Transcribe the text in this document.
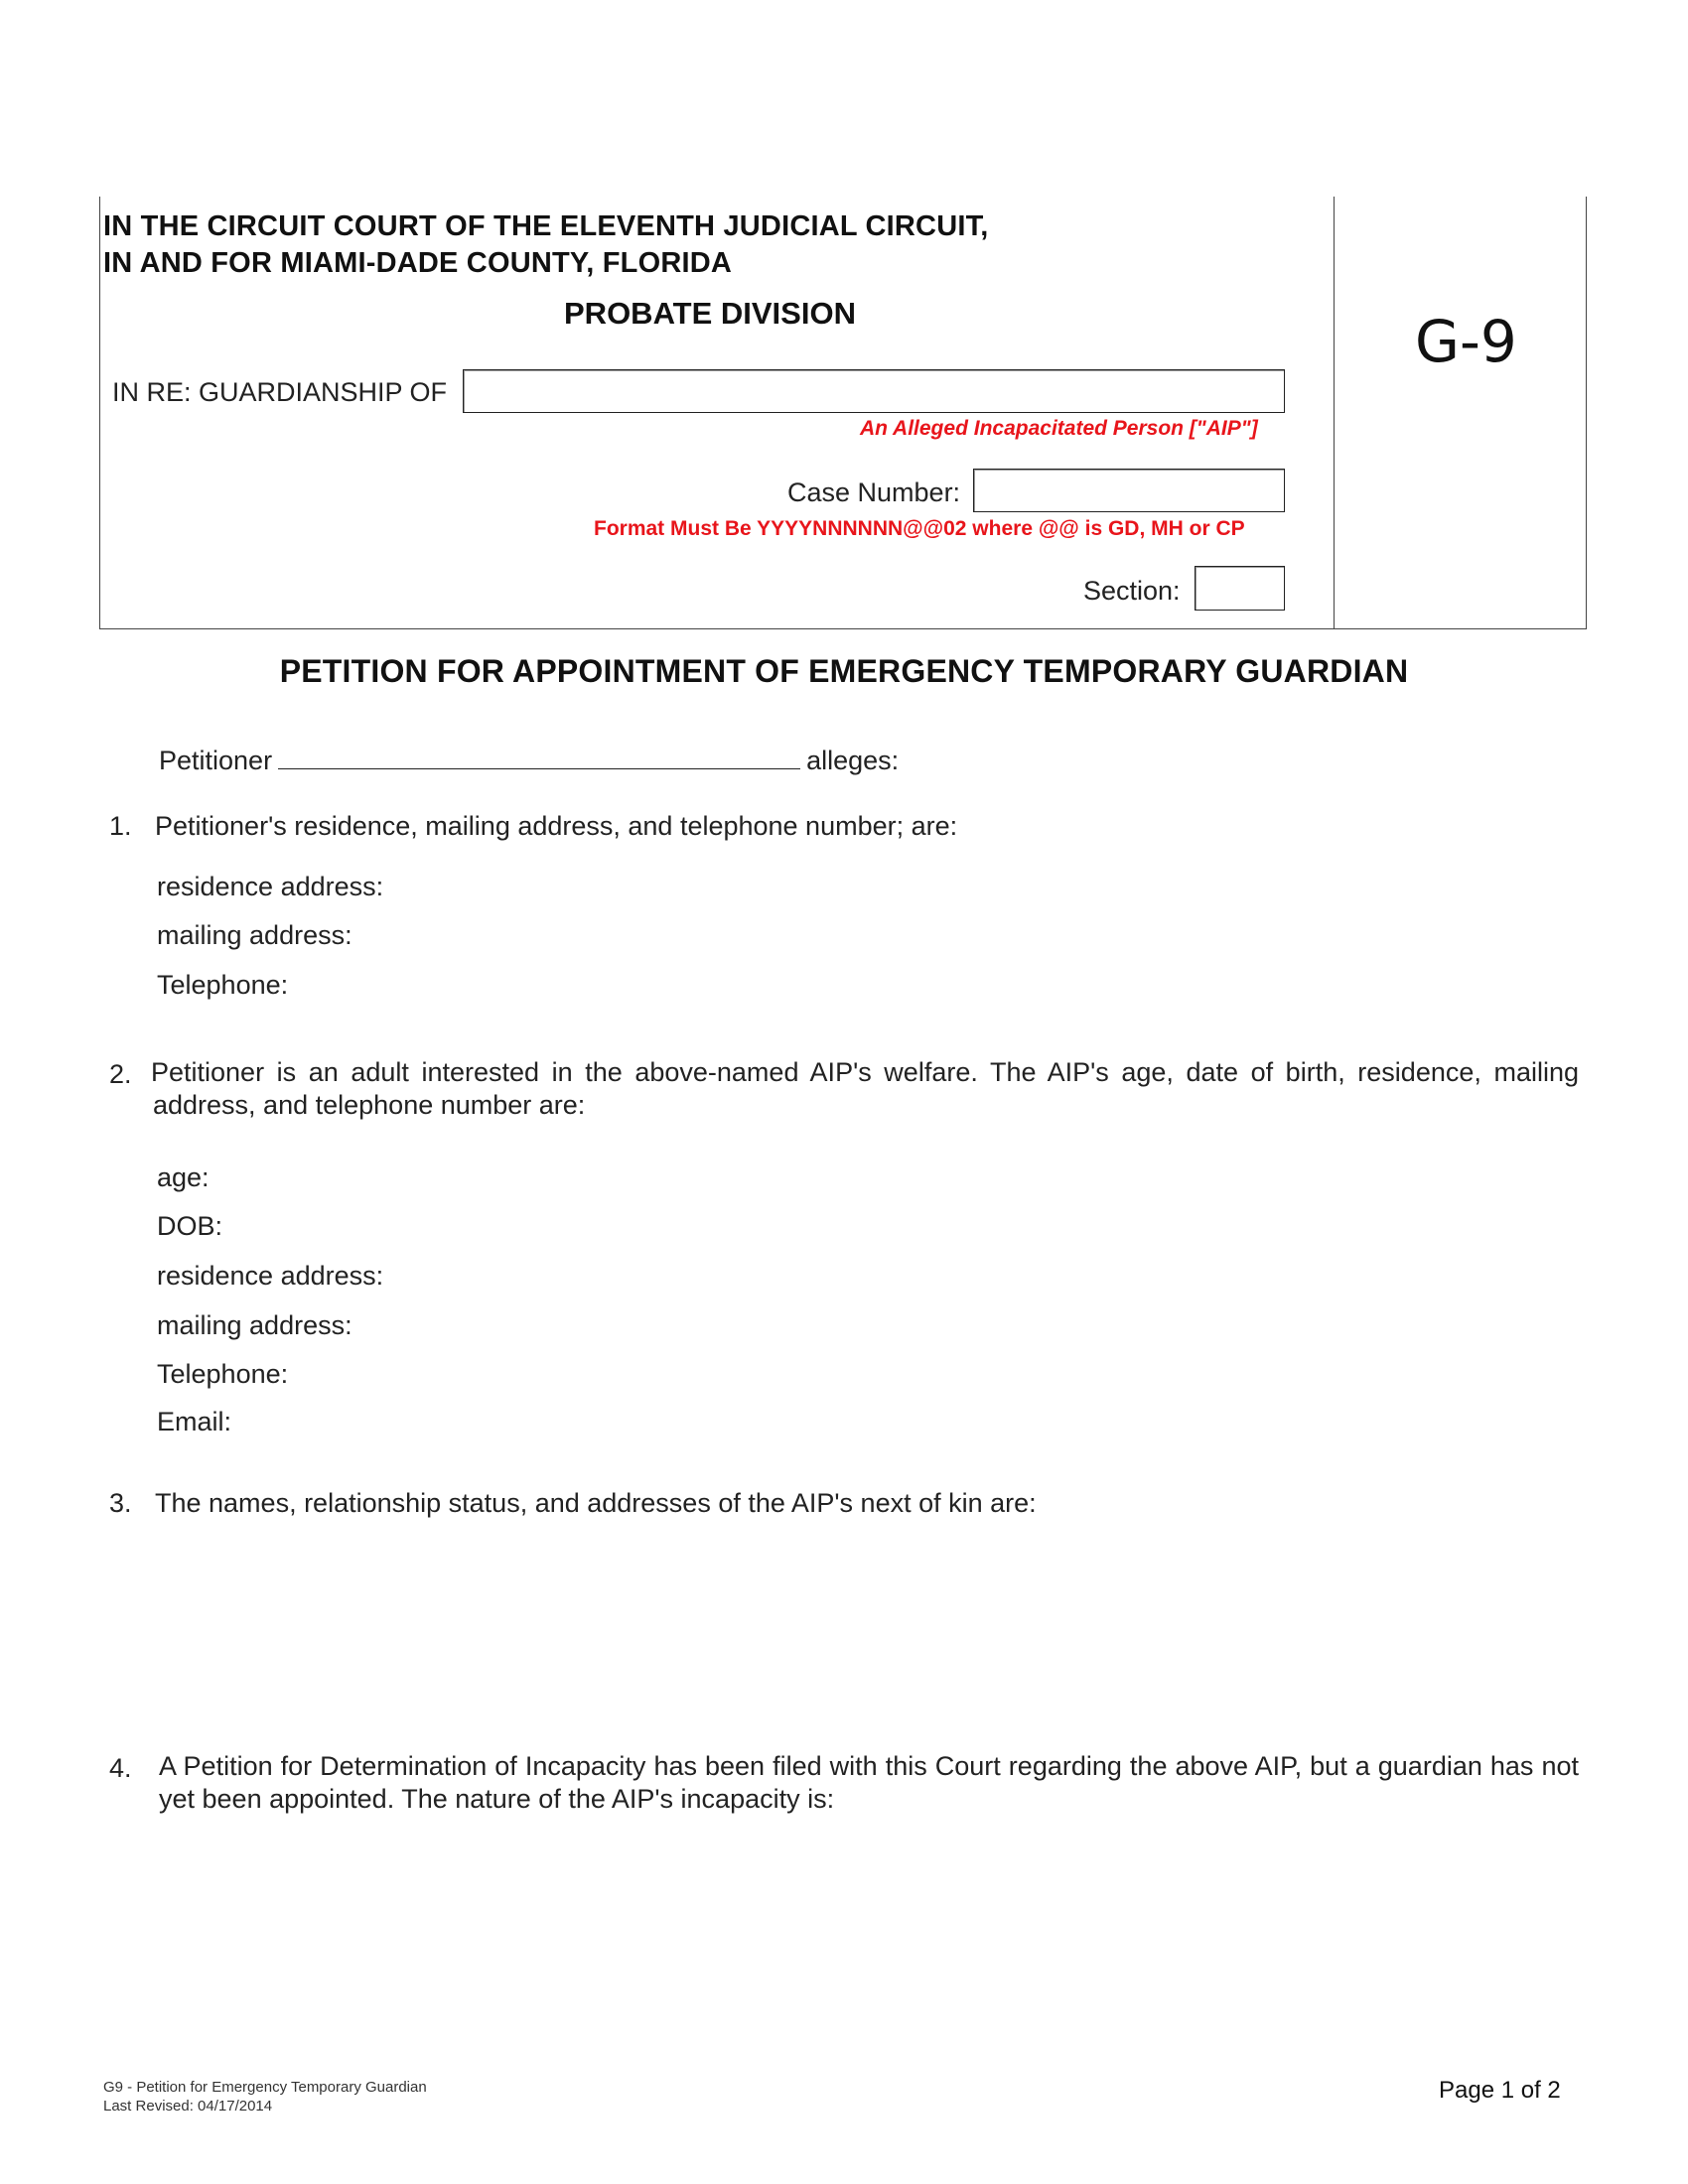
IN THE CIRCUIT COURT OF THE ELEVENTH JUDICIAL CIRCUIT,
IN AND FOR MIAMI-DADE COUNTY, FLORIDA
PROBATE DIVISION	G-9
IN RE: GUARDIANSHIP OF
An Alleged Incapacitated Person ["AIP"]
Case Number:
Format Must Be YYYYNNNNNN@@02 where @@ is GD, MH or CP
Section:
PETITION FOR APPOINTMENT OF EMERGENCY TEMPORARY GUARDIAN
Petitioner	alleges:
1. Petitioner's residence, mailing address, and telephone number; are:
residence address:
mailing address:
Telephone:
2. Petitioner is an adult interested in the above-named AIP's welfare. The AIP's age, date of birth, residence, mailing address, and telephone number are:
age:
DOB:
residence address:
mailing address:
Telephone:
Email:
3. The names, relationship status, and addresses of the AIP's next of kin are:
4. A Petition for Determination of Incapacity has been filed with this Court regarding the above AIP, but a guardian has not yet been appointed. The nature of the AIP's incapacity is:
G9 - Petition for Emergency Temporary Guardian
Last Revised: 04/17/2014
Page 1 of 2
